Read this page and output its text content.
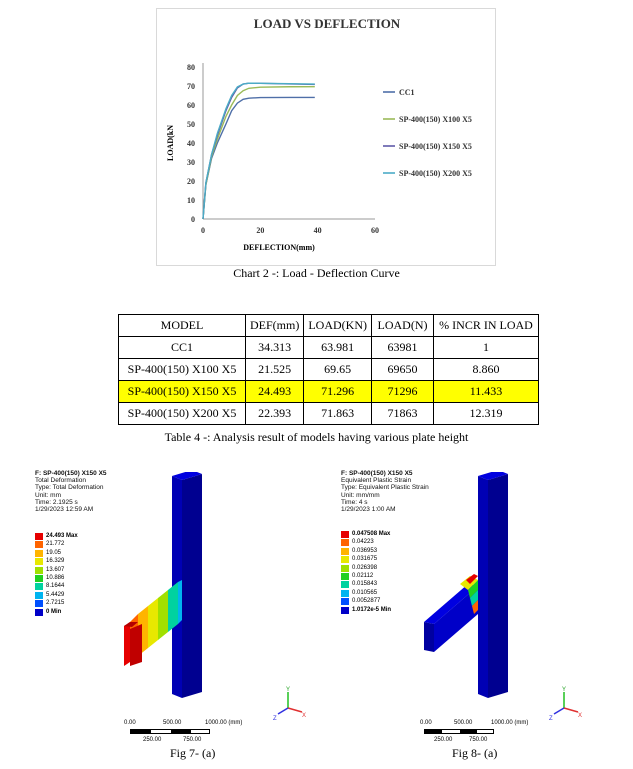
LOAD VS DEFLECTION
0
10
20
30
40
50
60
70
80
0	20	40	60
DEFLECTION(mm)
LOAD(kN
CC1
SP-400(150) X100 X5
SP-400(150) X150 X5
SP-400(150) X200 X5
Chart 2 -: Load - Deflection Curve
MODEL	DEF(mm)	LOAD(KN)	LOAD(N)	% INCR IN LOAD
CC1	34.313	63.981	63981	1
SP-400(150) X100 X5	21.525	69.65	69650	8.860
SP-400(150) X150 X5	24.493	71.296	71296	11.433
SP-400(150) X200 X5	22.393	71.863	71863	12.319
Table 4 -: Analysis result of models having various plate height
F: SP-400(150) X150 X5
Total Deformation
Type: Total Deformation
Unit: mm
Time: 2.1925 s
1/29/2023 12:59 AM
24.493 Max
21.772
19.05
16.329
13.607
10.886
8.1644
5.4429
2.7215
0 Min
Y
X
Z
0.00	500.00	1000.00 (mm)
250.00	750.00
Fig 7- (a)
F: SP-400(150) X150 X5
Equivalent Plastic Strain
Type: Equivalent Plastic Strain
Unit: mm/mm
Time: 4 s
1/29/2023 1:00 AM
0.047508 Max
0.04223
0.036953
0.031675
0.026398
0.02112
0.015843
0.010565
0.0052877
1.0172e-5 Min
Y
X
Z
0.00	500.00	1000.00 (mm)
250.00	750.00
Fig 8- (a)
